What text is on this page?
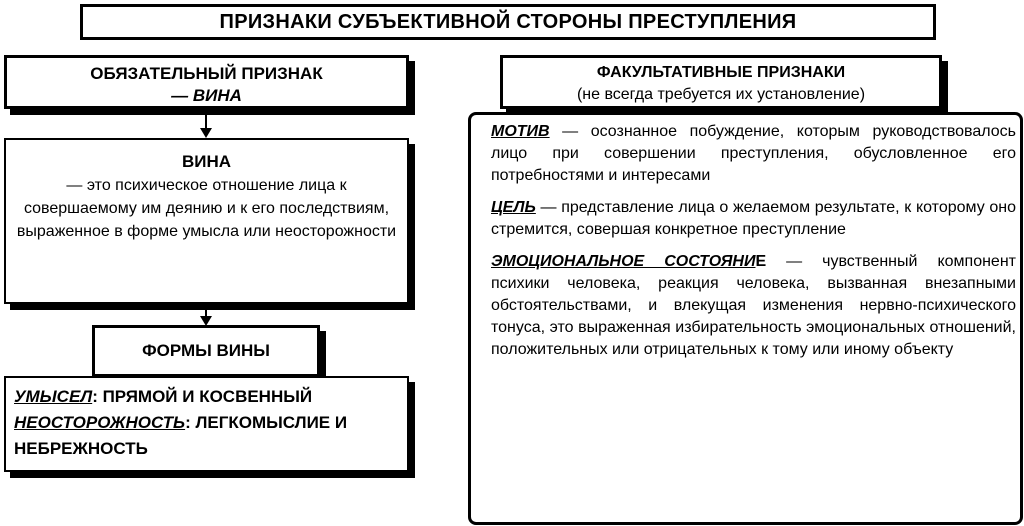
ПРИЗНАКИ СУБЪЕКТИВНОЙ СТОРОНЫ ПРЕСТУПЛЕНИЯ
ОБЯЗАТЕЛЬНЫЙ ПРИЗНАК
— ВИНА
ФАКУЛЬТАТИВНЫЕ ПРИЗНАКИ
(не всегда требуется их установление)
ВИНА
— это психическое отношение лица к совершаемому им деянию и к его последствиям, выраженное в форме умысла или неосторожности
ФОРМЫ ВИНЫ
УМЫСЕЛ: ПРЯМОЙ И КОСВЕННЫЙ
НЕОСТОРОЖНОСТЬ: ЛЕГКОМЫСЛИЕ И НЕБРЕЖНОСТЬ

МОТИВ — осознанное побуждение, которым руководствовалось лицо при совершении преступления, обусловленное его потребностями и интересами

ЦЕЛЬ — представление лица о желаемом результате, к которому оно стремится, совершая конкретное преступление

ЭМОЦИОНАЛЬНОЕ СОСТОЯНИЕ — чувственный компонент психики человека, реакция человека, вызванная внезапными обстоятельствами, и влекущая изменения нервно-психического тонуса, это выраженная избирательность эмоциональных отношений, положительных или отрицательных к тому или иному объекту
